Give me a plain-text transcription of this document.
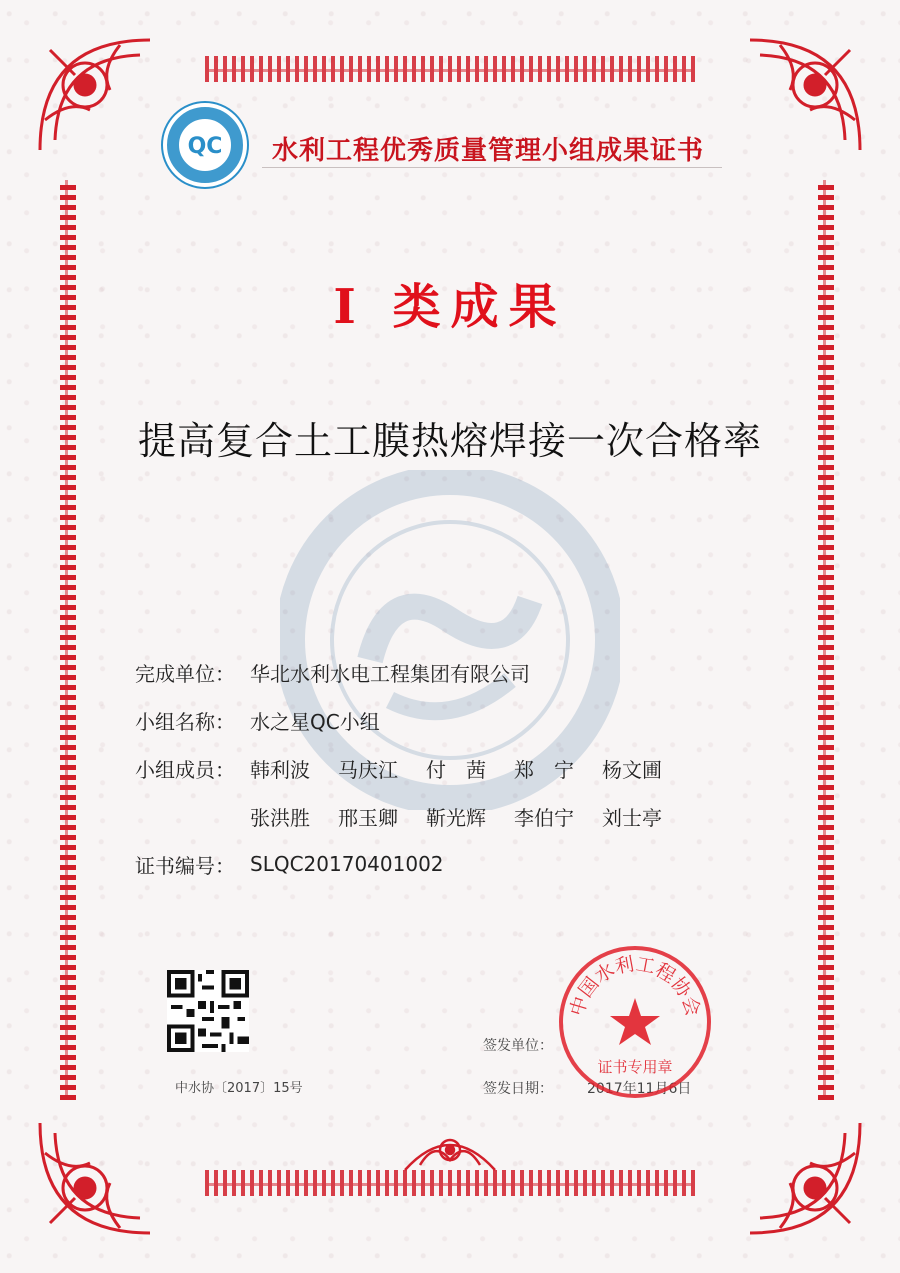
QC 水利工程优秀质量管理小组成果证书
I 类成果
提高复合土工膜热熔焊接一次合格率
完成单位： 华北水利水电工程集团有限公司
小组名称： 水之星QC小组
小组成员： 韩利波 马庆江 付　茜 郑　宁 杨文圃
张洪胜 邢玉卿 靳光辉 李伯宁 刘士亭
证书编号： SLQC20170401002
中水协〔2017〕15号
签发单位：
签发日期： 2017年11月6日
中国水利工程协会
证书专用章
